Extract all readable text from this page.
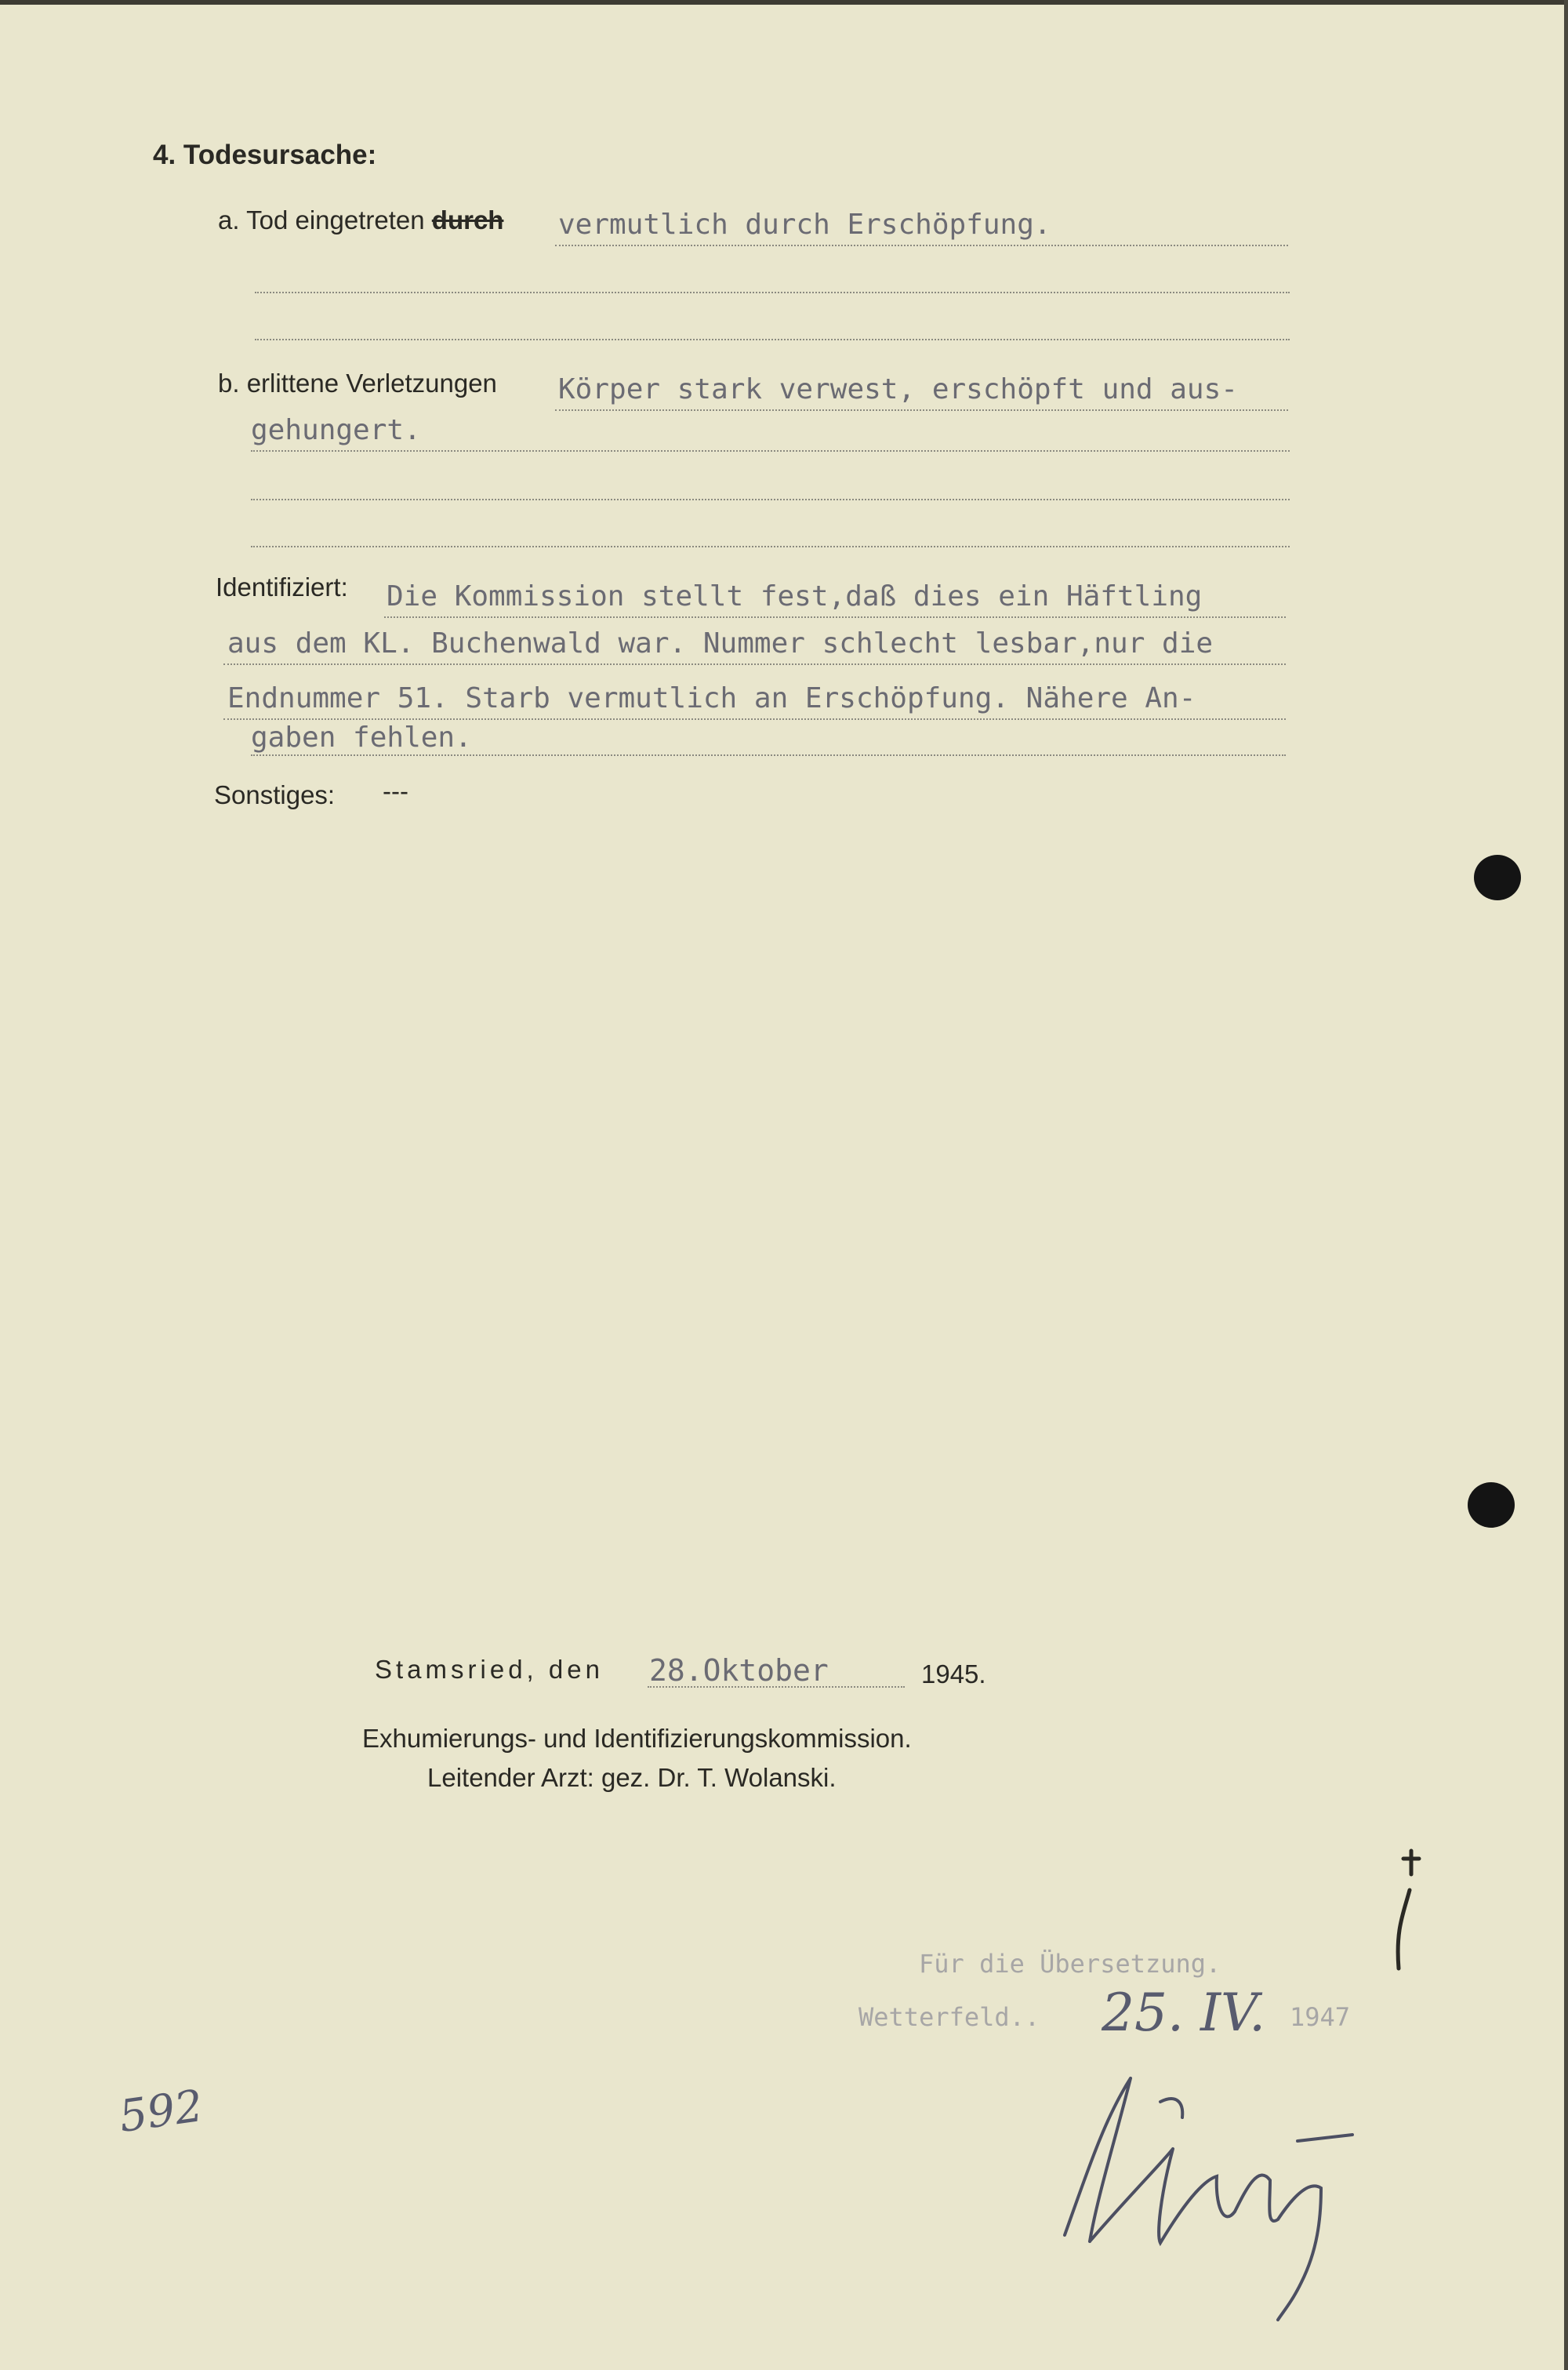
4. Todesursache:
a. Tod eingetreten durch vermutlich durch Erschöpfung.
b. erlittene Verletzungen Körper stark verwest, erschöpft und aus-
gehungert.
Identifiziert: Die Kommission stellt fest,daß dies ein Häftling
aus dem KL. Buchenwald war. Nummer schlecht lesbar,nur die
Endnummer 51. Starb vermutlich an Erschöpfung. Nähere An-
gaben fehlen.
Sonstiges: ---
Stamsried, den 28.Oktober	1945.
Exhumierungs- und Identifizierungskommission.
Leitender Arzt: gez. Dr. T. Wolanski.
Für die Übersetzung.
Wetterfeld.. 25. IV. 1947
592
